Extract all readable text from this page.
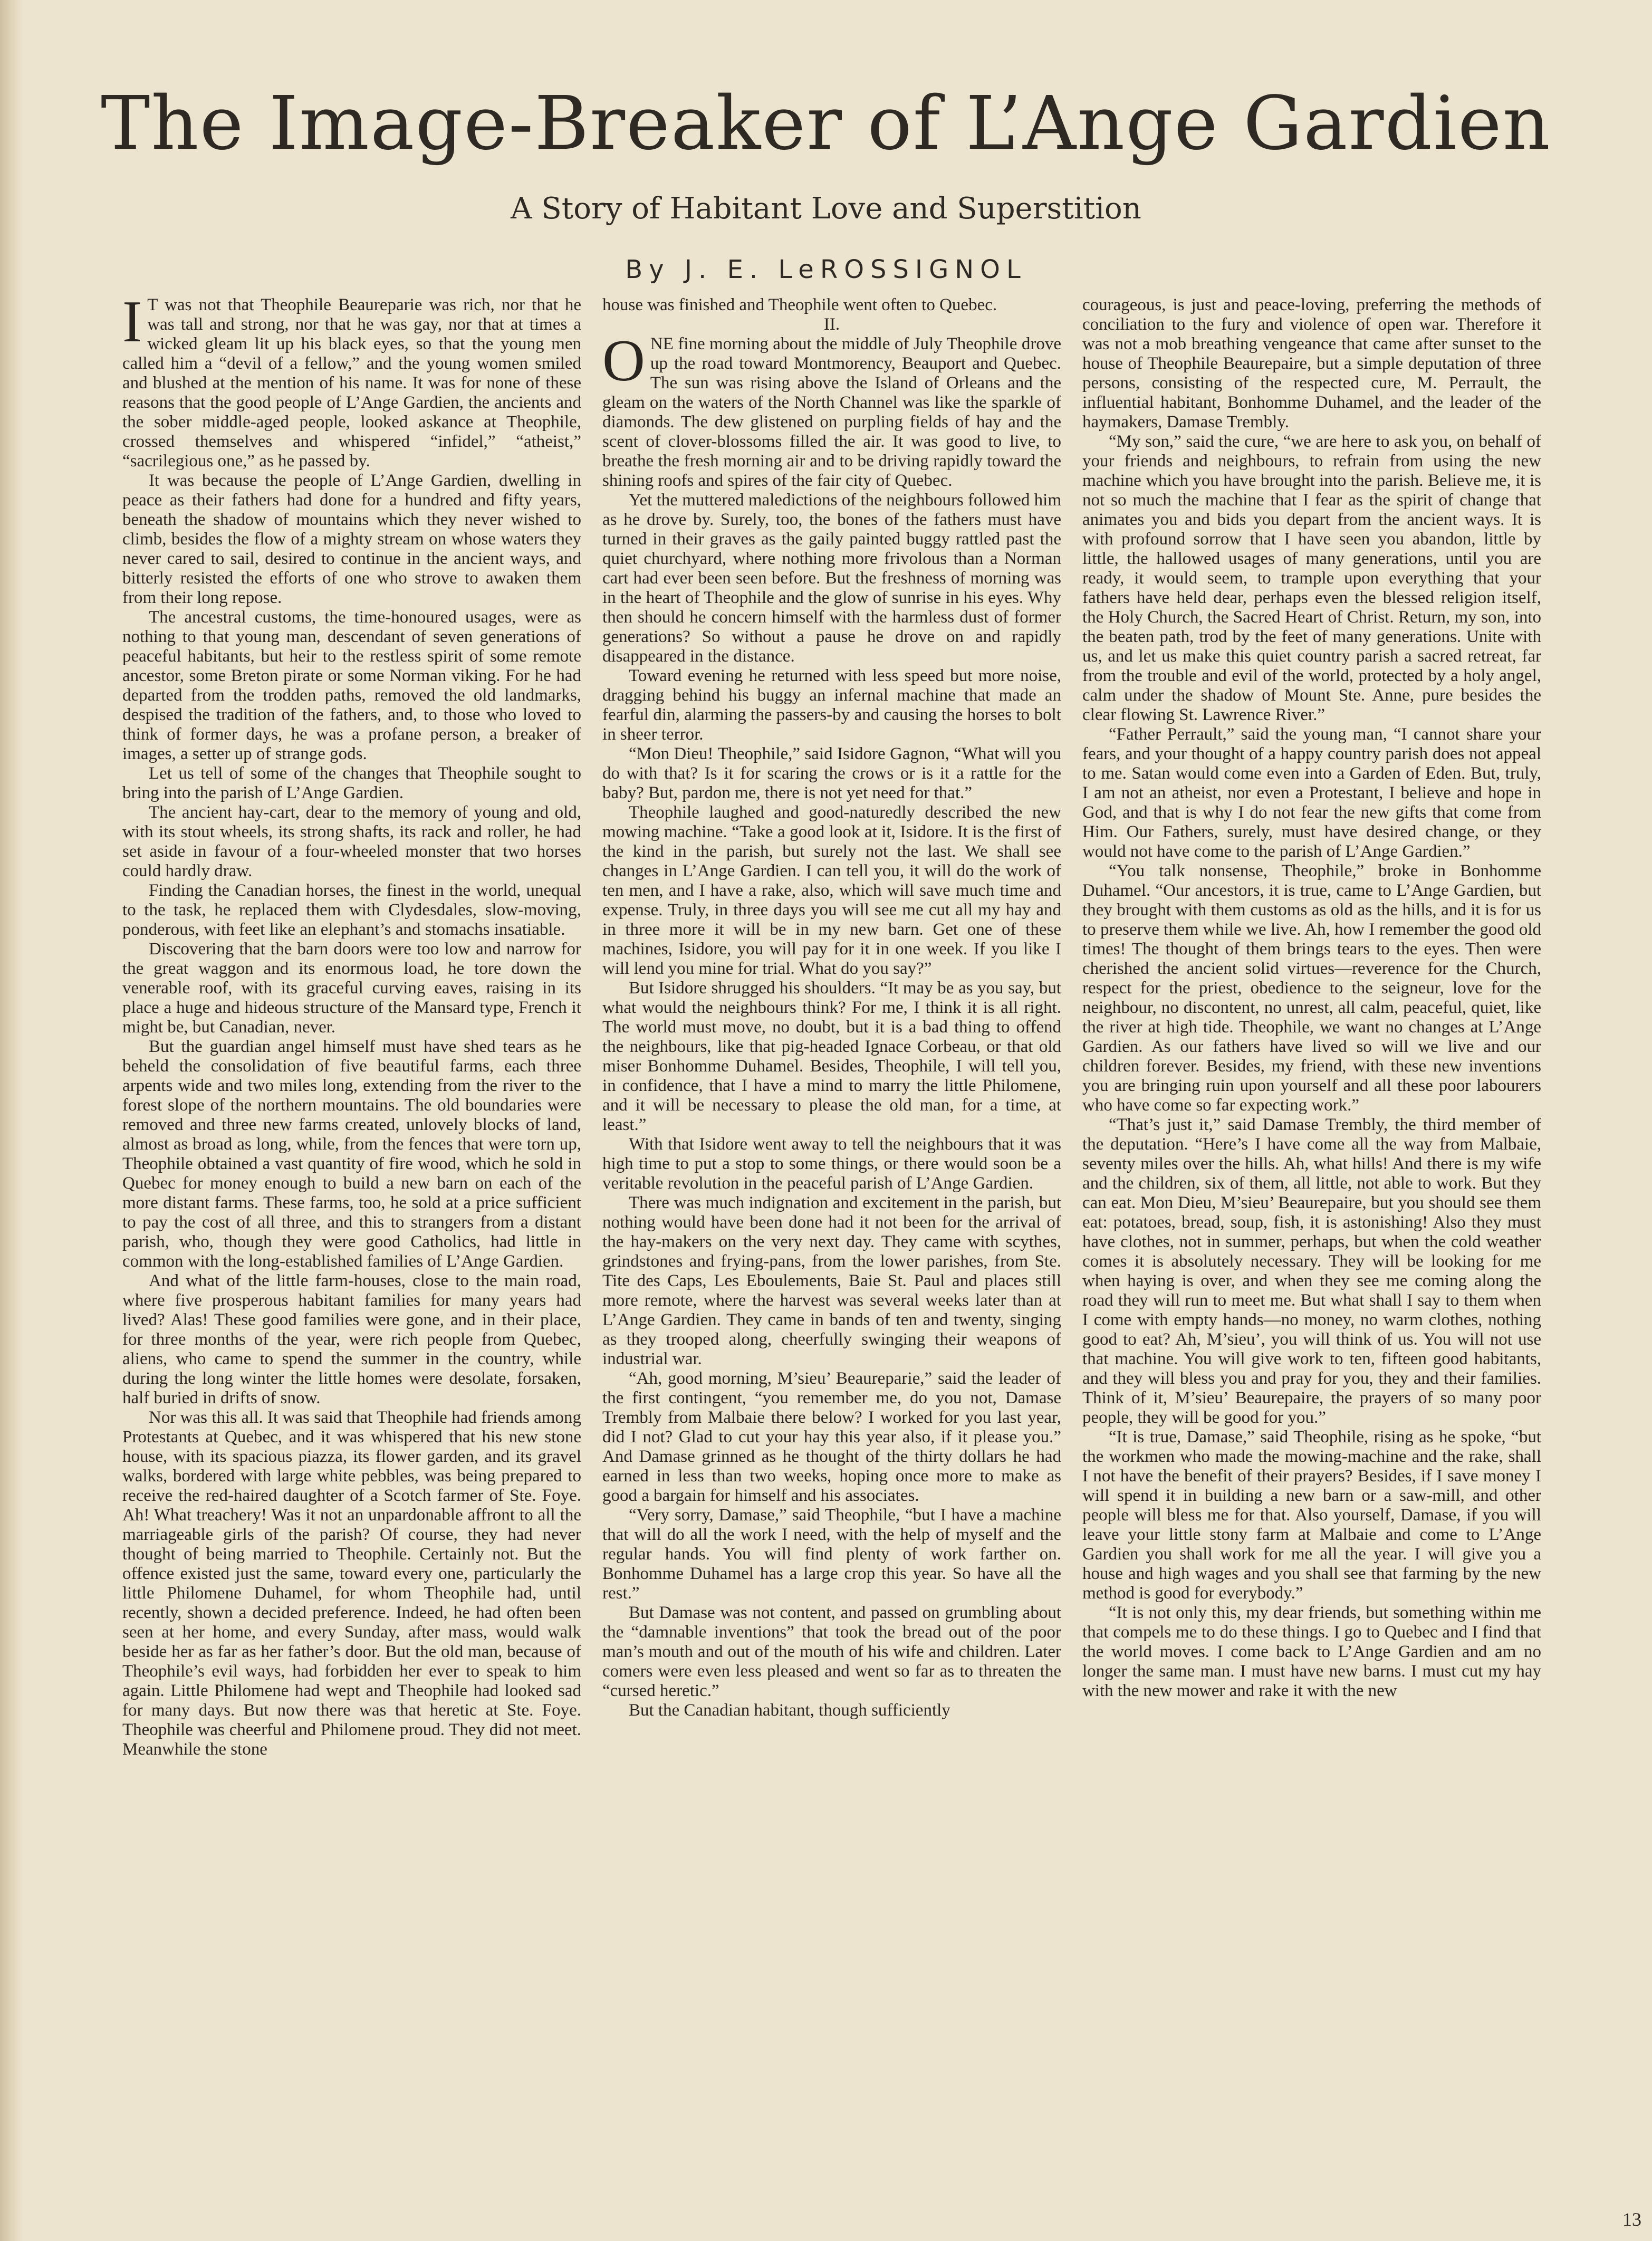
The Image-Breaker of L’Ange Gardien
A Story of Habitant Love and Superstition
By J. E. LeROSSIGNOL

I T was not that Theophile Beaureparie was rich, nor that he was tall and strong, nor that he was gay, nor that at times a wicked gleam lit up his black eyes, so that the young men called him a “devil of a fellow,” and the young women smiled and blushed at the mention of his name. It was for none of these reasons that the good people of L’Ange Gardien, the ancients and the sober middle-aged people, looked askance at Theophile, crossed themselves and whispered “infidel,” “atheist,” “sacrilegious one,” as he passed by.

It was because the people of L’Ange Gardien, dwelling in peace as their fathers had done for a hundred and fifty years, beneath the shadow of mountains which they never wished to climb, besides the flow of a mighty stream on whose waters they never cared to sail, desired to continue in the ancient ways, and bitterly resisted the efforts of one who strove to awaken them from their long repose.

The ancestral customs, the time-honoured usages, were as nothing to that young man, descendant of seven generations of peaceful habitants, but heir to the restless spirit of some remote ancestor, some Breton pirate or some Norman viking. For he had departed from the trodden paths, removed the old landmarks, despised the tradition of the fathers, and, to those who loved to think of former days, he was a profane person, a breaker of images, a setter up of strange gods.

Let us tell of some of the changes that Theophile sought to bring into the parish of L’Ange Gardien.

The ancient hay-cart, dear to the memory of young and old, with its stout wheels, its strong shafts, its rack and roller, he had set aside in favour of a four-wheeled monster that two horses could hardly draw.

Finding the Canadian horses, the finest in the world, unequal to the task, he replaced them with Clydesdales, slow-moving, ponderous, with feet like an elephant’s and stomachs insatiable.

Discovering that the barn doors were too low and narrow for the great waggon and its enormous load, he tore down the venerable roof, with its graceful curving eaves, raising in its place a huge and hideous structure of the Mansard type, French it might be, but Canadian, never.

But the guardian angel himself must have shed tears as he beheld the consolidation of five beautiful farms, each three arpents wide and two miles long, extending from the river to the forest slope of the northern mountains. The old boundaries were removed and three new farms created, unlovely blocks of land, almost as broad as long, while, from the fences that were torn up, Theophile obtained a vast quantity of fire wood, which he sold in Quebec for money enough to build a new barn on each of the more distant farms. These farms, too, he sold at a price sufficient to pay the cost of all three, and this to strangers from a distant parish, who, though they were good Catholics, had little in common with the long-established families of L’Ange Gardien.

And what of the little farm-houses, close to the main road, where five prosperous habitant families for many years had lived? Alas! These good families were gone, and in their place, for three months of the year, were rich people from Quebec, aliens, who came to spend the summer in the country, while during the long winter the little homes were desolate, forsaken, half buried in drifts of snow.

Nor was this all. It was said that Theophile had friends among Protestants at Quebec, and it was whispered that his new stone house, with its spacious piazza, its flower garden, and its gravel walks, bordered with large white pebbles, was being prepared to receive the red-haired daughter of a Scotch farmer of Ste. Foye. Ah! What treachery! Was it not an unpardonable affront to all the marriageable girls of the parish? Of course, they had never thought of being married to Theophile. Certainly not. But the offence existed just the same, toward every one, particularly the little Philomene Duhamel, for whom Theophile had, until recently, shown a decided preference. Indeed, he had often been seen at her home, and every Sunday, after mass, would walk beside her as far as her father’s door. But the old man, because of Theophile’s evil ways, had forbidden her ever to speak to him again. Little Philomene had wept and Theophile had looked sad for many days. But now there was that heretic at Ste. Foye. Theophile was cheerful and Philomene proud. They did not meet. Meanwhile the stone

house was finished and Theophile went often to Quebec.

II.

ONE fine morning about the middle of July Theophile drove up the road toward Montmorency, Beauport and Quebec. The sun was rising above the Island of Orleans and the gleam on the waters of the North Channel was like the sparkle of diamonds. The dew glistened on purpling fields of hay and the scent of clover-blossoms filled the air. It was good to live, to breathe the fresh morning air and to be driving rapidly toward the shining roofs and spires of the fair city of Quebec.

Yet the muttered maledictions of the neighbours followed him as he drove by. Surely, too, the bones of the fathers must have turned in their graves as the gaily painted buggy rattled past the quiet churchyard, where nothing more frivolous than a Norman cart had ever been seen before. But the freshness of morning was in the heart of Theophile and the glow of sunrise in his eyes. Why then should he concern himself with the harmless dust of former generations? So without a pause he drove on and rapidly disappeared in the distance.

Toward evening he returned with less speed but more noise, dragging behind his buggy an infernal machine that made an fearful din, alarming the passers-by and causing the horses to bolt in sheer terror.

“Mon Dieu! Theophile,” said Isidore Gagnon, “What will you do with that? Is it for scaring the crows or is it a rattle for the baby? But, pardon me, there is not yet need for that.”

Theophile laughed and good-naturedly described the new mowing machine. “Take a good look at it, Isidore. It is the first of the kind in the parish, but surely not the last. We shall see changes in L’Ange Gardien. I can tell you, it will do the work of ten men, and I have a rake, also, which will save much time and expense. Truly, in three days you will see me cut all my hay and in three more it will be in my new barn. Get one of these machines, Isidore, you will pay for it in one week. If you like I will lend you mine for trial. What do you say?”

But Isidore shrugged his shoulders. “It may be as you say, but what would the neighbours think? For me, I think it is all right. The world must move, no doubt, but it is a bad thing to offend the neighbours, like that pig-headed Ignace Corbeau, or that old miser Bonhomme Duhamel. Besides, Theophile, I will tell you, in confidence, that I have a mind to marry the little Philomene, and it will be necessary to please the old man, for a time, at least.”

With that Isidore went away to tell the neighbours that it was high time to put a stop to some things, or there would soon be a veritable revolution in the peaceful parish of L’Ange Gardien.

There was much indignation and excitement in the parish, but nothing would have been done had it not been for the arrival of the hay-makers on the very next day. They came with scythes, grindstones and frying-pans, from the lower parishes, from Ste. Tite des Caps, Les Eboulements, Baie St. Paul and places still more remote, where the harvest was several weeks later than at L’Ange Gardien. They came in bands of ten and twenty, singing as they trooped along, cheerfully swinging their weapons of industrial war.

“Ah, good morning, M’sieu’ Beaureparie,” said the leader of the first contingent, “you remember me, do you not, Damase Trembly from Malbaie there below? I worked for you last year, did I not? Glad to cut your hay this year also, if it please you.” And Damase grinned as he thought of the thirty dollars he had earned in less than two weeks, hoping once more to make as good a bargain for himself and his associates.

“Very sorry, Damase,” said Theophile, “but I have a machine that will do all the work I need, with the help of myself and the regular hands. You will find plenty of work farther on. Bonhomme Duhamel has a large crop this year. So have all the rest.”

But Damase was not content, and passed on grumbling about the “damnable inventions” that took the bread out of the poor man’s mouth and out of the mouth of his wife and children. Later comers were even less pleased and went so far as to threaten the “cursed heretic.”

But the Canadian habitant, though sufficiently

courageous, is just and peace-loving, preferring the methods of conciliation to the fury and violence of open war. Therefore it was not a mob breathing vengeance that came after sunset to the house of Theophile Beaurepaire, but a simple deputation of three persons, consisting of the respected cure, M. Perrault, the influential habitant, Bonhomme Duhamel, and the leader of the haymakers, Damase Trembly.

“My son,” said the cure, “we are here to ask you, on behalf of your friends and neighbours, to refrain from using the new machine which you have brought into the parish. Believe me, it is not so much the machine that I fear as the spirit of change that animates you and bids you depart from the ancient ways. It is with profound sorrow that I have seen you abandon, little by little, the hallowed usages of many generations, until you are ready, it would seem, to trample upon everything that your fathers have held dear, perhaps even the blessed religion itself, the Holy Church, the Sacred Heart of Christ. Return, my son, into the beaten path, trod by the feet of many generations. Unite with us, and let us make this quiet country parish a sacred retreat, far from the trouble and evil of the world, protected by a holy angel, calm under the shadow of Mount Ste. Anne, pure besides the clear flowing St. Lawrence River.”

“Father Perrault,” said the young man, “I cannot share your fears, and your thought of a happy country parish does not appeal to me. Satan would come even into a Garden of Eden. But, truly, I am not an atheist, nor even a Protestant, I believe and hope in God, and that is why I do not fear the new gifts that come from Him. Our Fathers, surely, must have desired change, or they would not have come to the parish of L’Ange Gardien.”

“You talk nonsense, Theophile,” broke in Bonhomme Duhamel. “Our ancestors, it is true, came to L’Ange Gardien, but they brought with them customs as old as the hills, and it is for us to preserve them while we live. Ah, how I remember the good old times! The thought of them brings tears to the eyes. Then were cherished the ancient solid virtues—reverence for the Church, respect for the priest, obedience to the seigneur, love for the neighbour, no discontent, no unrest, all calm, peaceful, quiet, like the river at high tide. Theophile, we want no changes at L’Ange Gardien. As our fathers have lived so will we live and our children forever. Besides, my friend, with these new inventions you are bringing ruin upon yourself and all these poor labourers who have come so far expecting work.”

“That’s just it,” said Damase Trembly, the third member of the deputation. “Here’s I have come all the way from Malbaie, seventy miles over the hills. Ah, what hills! And there is my wife and the children, six of them, all little, not able to work. But they can eat. Mon Dieu, M’sieu’ Beaurepaire, but you should see them eat: potatoes, bread, soup, fish, it is astonishing! Also they must have clothes, not in summer, perhaps, but when the cold weather comes it is absolutely necessary. They will be looking for me when haying is over, and when they see me coming along the road they will run to meet me. But what shall I say to them when I come with empty hands—no money, no warm clothes, nothing good to eat? Ah, M’sieu’, you will think of us. You will not use that machine. You will give work to ten, fifteen good habitants, and they will bless you and pray for you, they and their families. Think of it, M’sieu’ Beaurepaire, the prayers of so many poor people, they will be good for you.”

“It is true, Damase,” said Theophile, rising as he spoke, “but the workmen who made the mowing-machine and the rake, shall I not have the benefit of their prayers? Besides, if I save money I will spend it in building a new barn or a saw-mill, and other people will bless me for that. Also yourself, Damase, if you will leave your little stony farm at Malbaie and come to L’Ange Gardien you shall work for me all the year. I will give you a house and high wages and you shall see that farming by the new method is good for everybody.”

“It is not only this, my dear friends, but something within me that compels me to do these things. I go to Quebec and I find that the world moves. I come back to L’Ange Gardien and am no longer the same man. I must have new barns. I must cut my hay with the new mower and rake it with the new

13
